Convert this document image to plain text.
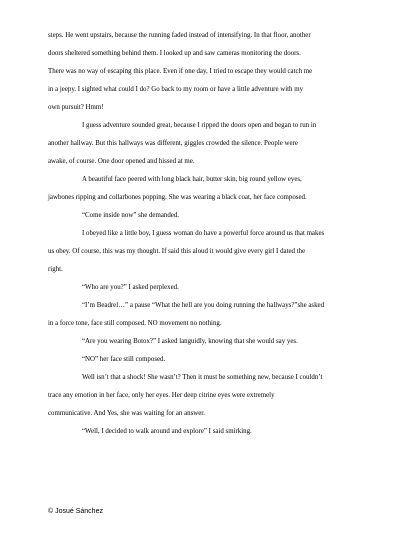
steps. He went upstairs, because the running faded instead of intensifying. In that floor, another
doors sheltered something behind them. I looked up and saw cameras monitoring the doors.
There was no way of escaping this place. Even if one day, I tried to escape they would catch me
in a jeepy. I sighted what could I do? Go back to my room or have a little adventure with my
own pursuit? Hmm!
I guess adventure sounded great, because I ripped the doors open and began to run in
another hallway. But this hallways was different, giggles crowded the silence. People were
awake, of course. One door opened and hissed at me.
A beautiful face peered with long black hair, butter skin, big round yellow eyes,
jawbones ripping and collarbones popping. She was wearing a black coat, her face composed.
“Come inside now” she demanded.
I obeyed like a little boy, I guess woman do have a powerful force around us that makes
us obey. Of course, this was my thought. If said this aloud it would give every girl I dated the
right.
“Who are you?” I asked perplexed.
“I’m Beadrel…” a pause “What the hell are you doing running the hallways?”she asked
in a force tone, face still composed. NO movement no nothing.
“Are you wearing Botox?” I asked languidly, knowing that she would say yes.
“NO” her face still composed.
Well isn’t that a shock! She wasn’t? Then it must be something new, because I couldn’t
trace any emotion in her face, only her eyes. Her deep citrine eyes were extremely
communicative. And Yes, she was waiting for an answer.
“Well, I decided to walk around and explore” I said smirking.
© Josué Sánchez
